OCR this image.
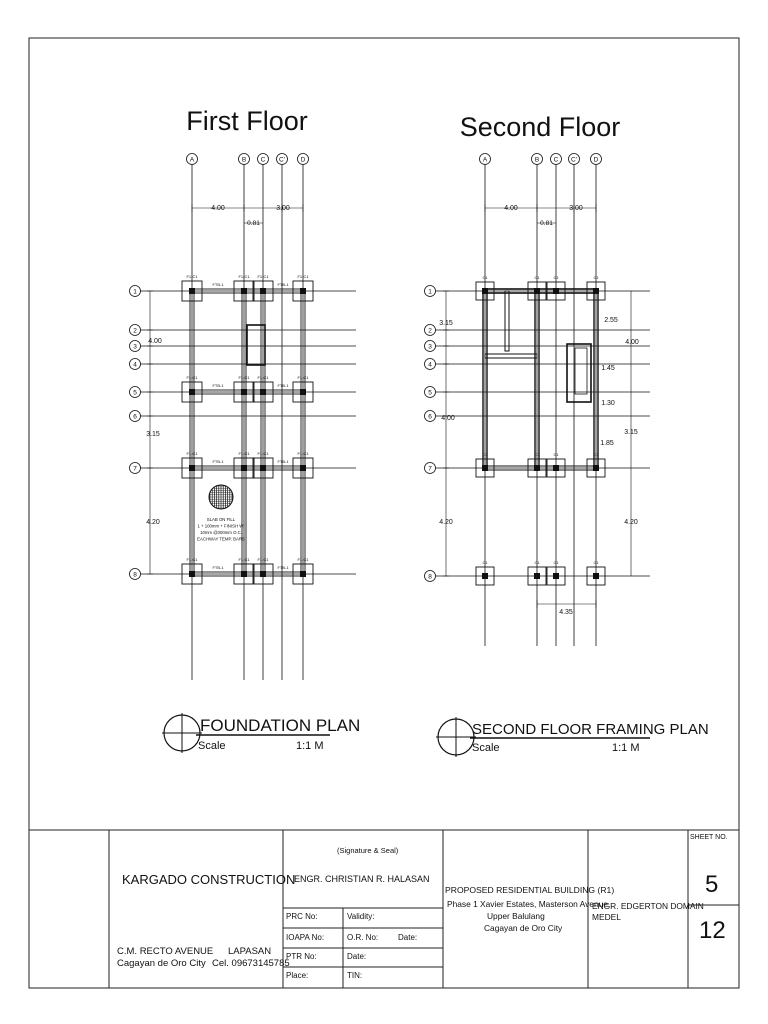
First Floor	Second Floor
A	B C C' D
1
2
3
4
5
6
7
8
4.00	3.00
0.81
F1-C1	F1-C1 F1-C1	F1-C1
F1-C1	F1-C1 F1-C1	F1-C1
F1-C1	F1-C1 F1-C1	F1-C1
F1-C1	F1-C1 F1-C1	F1-C1
FTB-1	FTB-1
FTB-1	FTB-1
FTB-1	FTB-1
FTB-1	FTB-1
4.00
3.15
4.20	SLAB ON FILL
1 + 100mm + FINISH W/
10mm @300mm O.C.
EACHWAY TEMP. BARS
A	B C C'	D
1
2
3
4
5
6
7
8
4.00	3.00
0.81
C1	C1	C1	C1
C1	C1	C1	C1
C1	C1	C1	C1
3.15
4.00
4.20
2.55
4.00
1.45
1.30
1.85
3.15
4.20
4.35
FOUNDATION PLAN
Scale	1:1 M
SECOND FLOOR FRAMING PLAN
Scale	1:1 M
KARGADO CONSTRUCTION
C.M. RECTO AVENUE
Cagayan de Oro City
LAPASAN
Cel. 09673145785
(Signature & Seal)
ENGR. CHRISTIAN R. HALASAN
PRC No:
IOAPA No:
PTR No:
Place:
Validity:
O.R. No:
Date:
TIN:
Date:
PROPOSED RESIDENTIAL BUILDING (R1)
Phase 1 Xavier Estates, Masterson Avenue
Upper Balulang
Cagayan de Oro City
ENGR. EDGERTON DOMAIN
MEDEL
SHEET NO.
5
12
